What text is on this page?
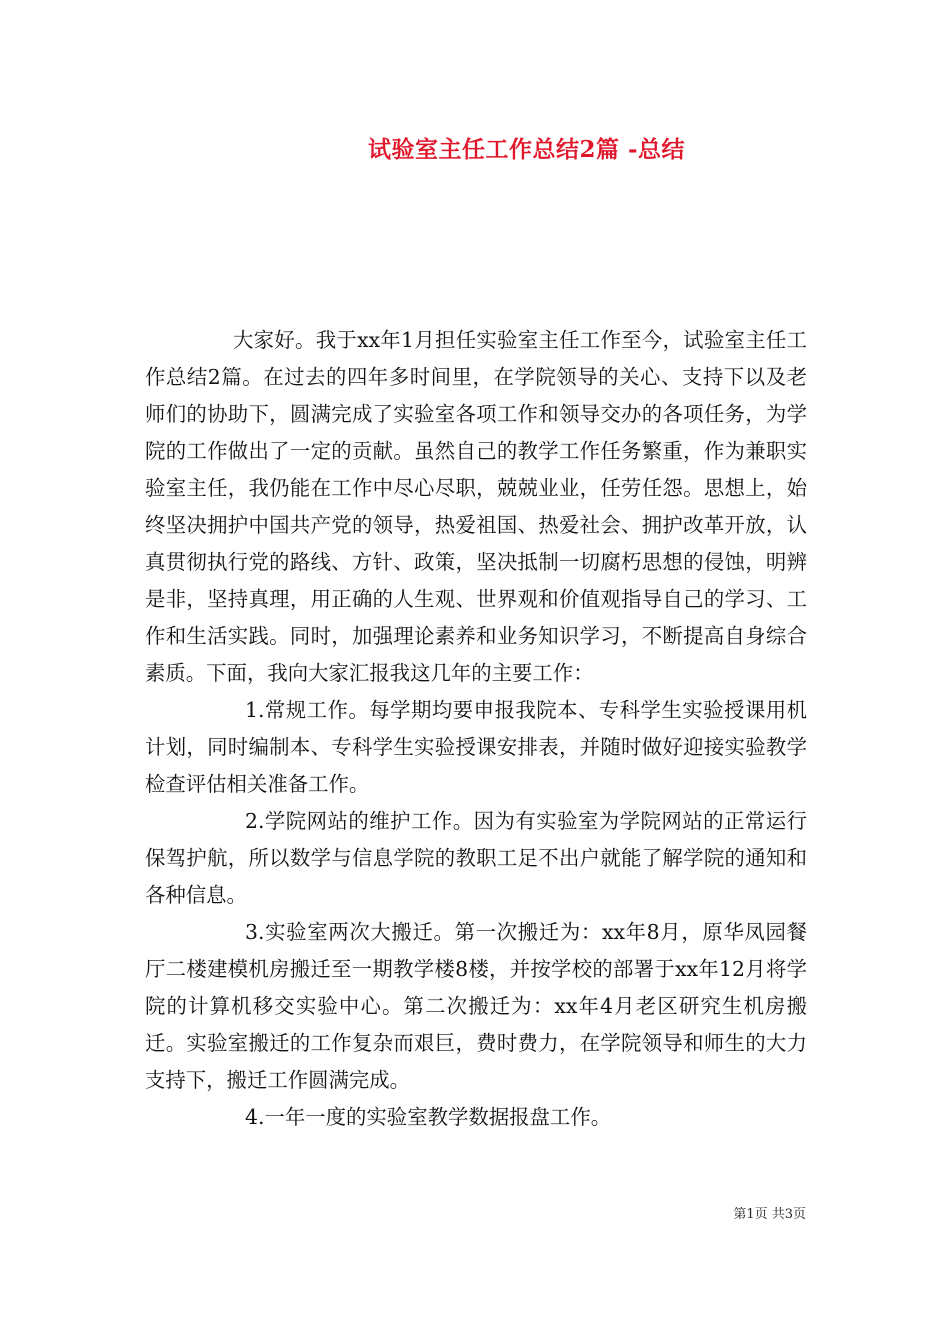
试验室主任工作总结2篇 -总结

大家好。我于xx年1月担任实验室主任工作至今，试验室主任工作总结2篇。在过去的四年多时间里，在学院领导的关心、支持下以及老师们的协助下，圆满完成了实验室各项工作和领导交办的各项任务，为学院的工作做出了一定的贡献。虽然自己的教学工作任务繁重，作为兼职实验室主任，我仍能在工作中尽心尽职，兢兢业业，任劳任怨。思想上，始终坚决拥护中国共产党的领导，热爱祖国、热爱社会、拥护改革开放，认真贯彻执行党的路线、方针、政策，坚决抵制一切腐朽思想的侵蚀，明辨是非，坚持真理，用正确的人生观、世界观和价值观指导自己的学习、工作和生活实践。同时，加强理论素养和业务知识学习，不断提高自身综合素质。下面，我向大家汇报我这几年的主要工作：

1.常规工作。每学期均要申报我院本、专科学生实验授课用机计划，同时编制本、专科学生实验授课安排表，并随时做好迎接实验教学检查评估相关准备工作。

2.学院网站的维护工作。因为有实验室为学院网站的正常运行保驾护航，所以数学与信息学院的教职工足不出户就能了解学院的通知和各种信息。

3.实验室两次大搬迁。第一次搬迁为：xx年8月，原华凤园餐厅二楼建模机房搬迁至一期教学楼8楼，并按学校的部署于xx年12月将学院的计算机移交实验中心。第二次搬迁为：xx年4月老区研究生机房搬迁。实验室搬迁的工作复杂而艰巨，费时费力，在学院领导和师生的大力支持下，搬迁工作圆满完成。

4.一年一度的实验室教学数据报盘工作。

第1页 共3页
